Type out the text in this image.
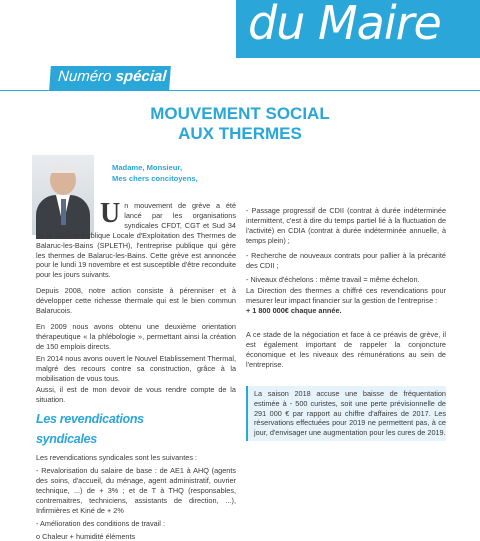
du Maire
Novembre 2018
Numéro spécial
MOUVEMENT SOCIAL
AUX THERMES
Madame, Monsieur,
Mes chers concitoyens,
Un mouvement de grève a été lancé par les organisations syndicales CFDT, CGT et Sud 34 de la Société Publique Locale d'Exploitation des Thermes de Balaruc-les-Bains (SPLETH), l'entreprise publique qui gère les thermes de Balaruc-les-Bains. Cette grève est annoncée pour le lundi 19 novembre et est susceptible d'être reconduite pour les jours suivants.
Depuis 2008, notre action consiste à pérenniser et à développer cette richesse thermale qui est le bien commun Balarucois.
En 2009 nous avons obtenu une deuxième orientation thérapeutique « la phlébologie », permettant ainsi la création de 150 emplois directs.
En 2014 nous avons ouvert le Nouvel Etablissement Thermal, malgré des recours contre sa construction, grâce à la mobilisation de vous tous.
Aussi, il est de mon devoir de vous rendre compte de la situation.
Les revendications
syndicales
Les revendications syndicales sont les suivantes :
- Revalorisation du salaire de base : de AE1 à AHQ (agents des soins, d'accueil, du ménage, agent administratif, ouvrier technique, ...) de + 3% ; et de T à THQ (responsables, contremaitres, techniciens, assistants de direction, ...), Infirmières et Kiné de + 2%
- Amélioration des conditions de travail :
o Chaleur + humidité éléments
- Passage progressif de CDII (contrat à durée indéterminée intermittent, c'est à dire du temps partiel lié à la fluctuation de l'activité) en CDIA (contrat à durée indéterminée annuelle, à temps plein) ;
- Recherche de nouveaux contrats pour pallier à la précarité des CDII ;
- Niveaux d'échelons : même travail = même échelon.
La Direction des thermes a chiffré ces revendications pour mesurer leur impact financier sur la gestion de l'entreprise :
+ 1 800 000€ chaque année.
A ce stade de la négociation et face à ce préavis de grève, il est également important de rappeler la conjoncture économique et les niveaux des rémunérations au sein de l'entreprise.
La saison 2018 accuse une baisse de fréquentation estimée à - 500 curistes, soit une perte prévisionnelle de 291 000 € par rapport au chiffre d'affaires de 2017. Les réservations effectuées pour 2019 ne permettent pas, à ce jour, d'envisager une augmentation pour les cures de 2019.
